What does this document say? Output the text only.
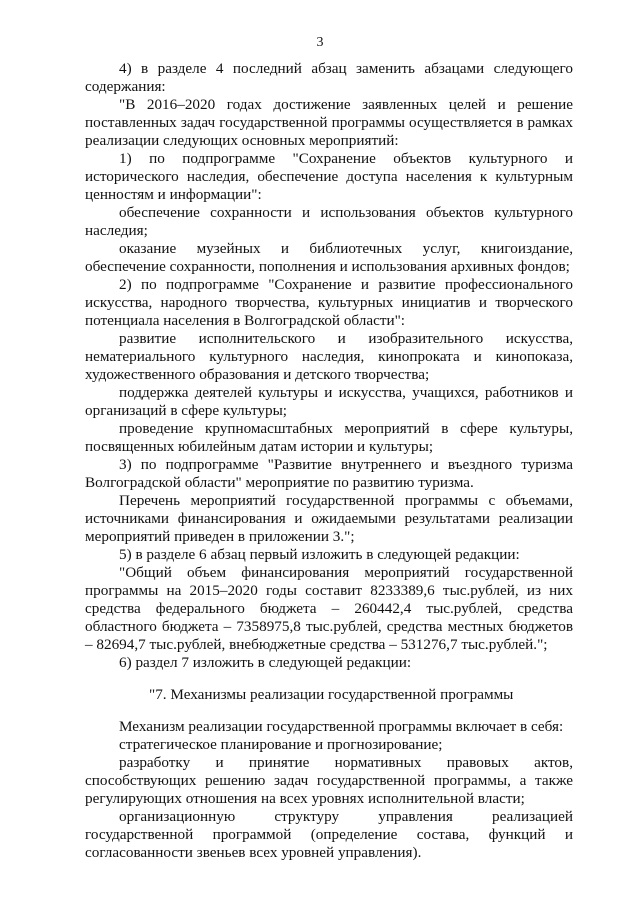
3

4) в разделе 4 последний абзац заменить абзацами следующего содержания:

"В 2016–2020 годах достижение заявленных целей и решение поставленных задач государственной программы осуществляется в рамках реализации следующих основных мероприятий:

1) по подпрограмме "Сохранение объектов культурного и исторического наследия, обеспечение доступа населения к культурным ценностям и информации":

обеспечение сохранности и использования объектов культурного наследия;

оказание музейных и библиотечных услуг, книгоиздание, обеспечение сохранности, пополнения и использования архивных фондов;

2) по подпрограмме "Сохранение и развитие профессионального искусства, народного творчества, культурных инициатив и творческого потенциала населения в Волгоградской области":

развитие исполнительского и изобразительного искусства, нематериального культурного наследия, кинопроката и кинопоказа, художественного образования и детского творчества;

поддержка деятелей культуры и искусства, учащихся, работников и организаций в сфере культуры;

проведение крупномасштабных мероприятий в сфере культуры, посвященных юбилейным датам истории и культуры;

3) по подпрограмме "Развитие внутреннего и въездного туризма Волгоградской области" мероприятие по развитию туризма.

Перечень мероприятий государственной программы с объемами, источниками финансирования и ожидаемыми результатами реализации мероприятий приведен в приложении 3.";

5) в разделе 6 абзац первый изложить в следующей редакции:

"Общий объем финансирования мероприятий государственной программы на 2015–2020 годы составит 8233389,6 тыс.рублей, из них средства федерального бюджета – 260442,4 тыс.рублей, средства областного бюджета – 7358975,8 тыс.рублей, средства местных бюджетов – 82694,7 тыс.рублей, внебюджетные средства – 531276,7 тыс.рублей.";

6) раздел 7 изложить в следующей редакции:

"7. Механизмы реализации государственной программы

Механизм реализации государственной программы включает в себя:

стратегическое планирование и прогнозирование;

разработку и принятие нормативных правовых актов, способствующих решению задач государственной программы, а также регулирующих отношения на всех уровнях исполнительной власти;

организационную структуру управления реализацией государственной программой (определение состава, функций и согласованности звеньев всех уровней управления).
